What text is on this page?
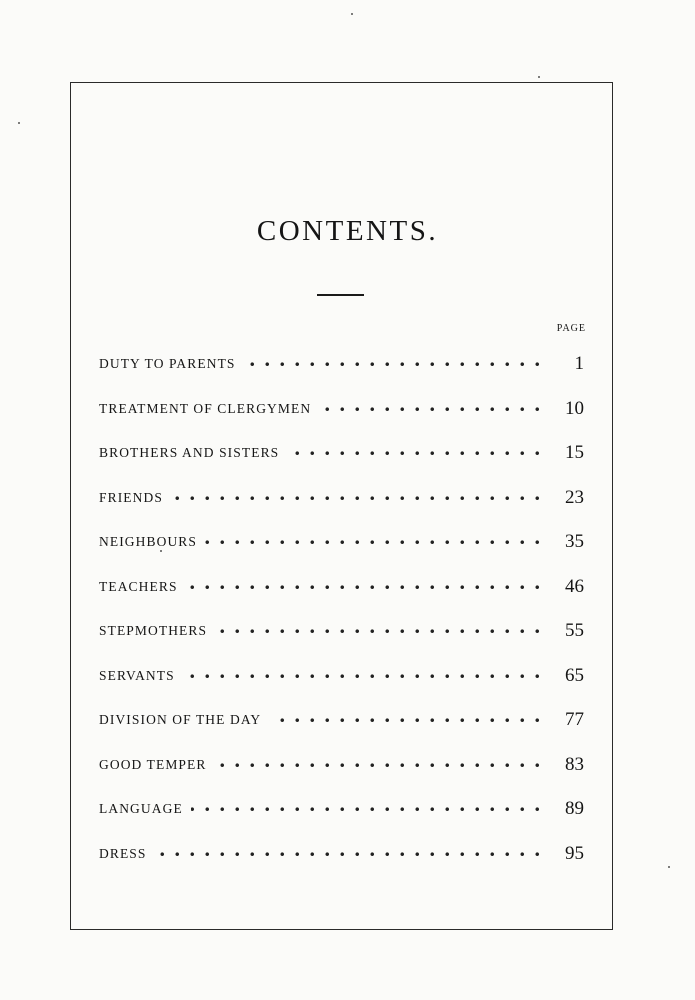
CONTENTS.
PAGE
DUTY TO PARENTS . . .	1
TREATMENT OF CLERGYMEN . . .	10
BROTHERS AND SISTERS . . .	15
FRIENDS . . .	23
NEIGHBOURS . . .	35
TEACHERS . . .	46
STEPMOTHERS . . .	55
SERVANTS . . .	65
DIVISION OF THE DAY . . .	77
GOOD TEMPER . . .	83
LANGUAGE . . .	89
DRESS . . .	95
